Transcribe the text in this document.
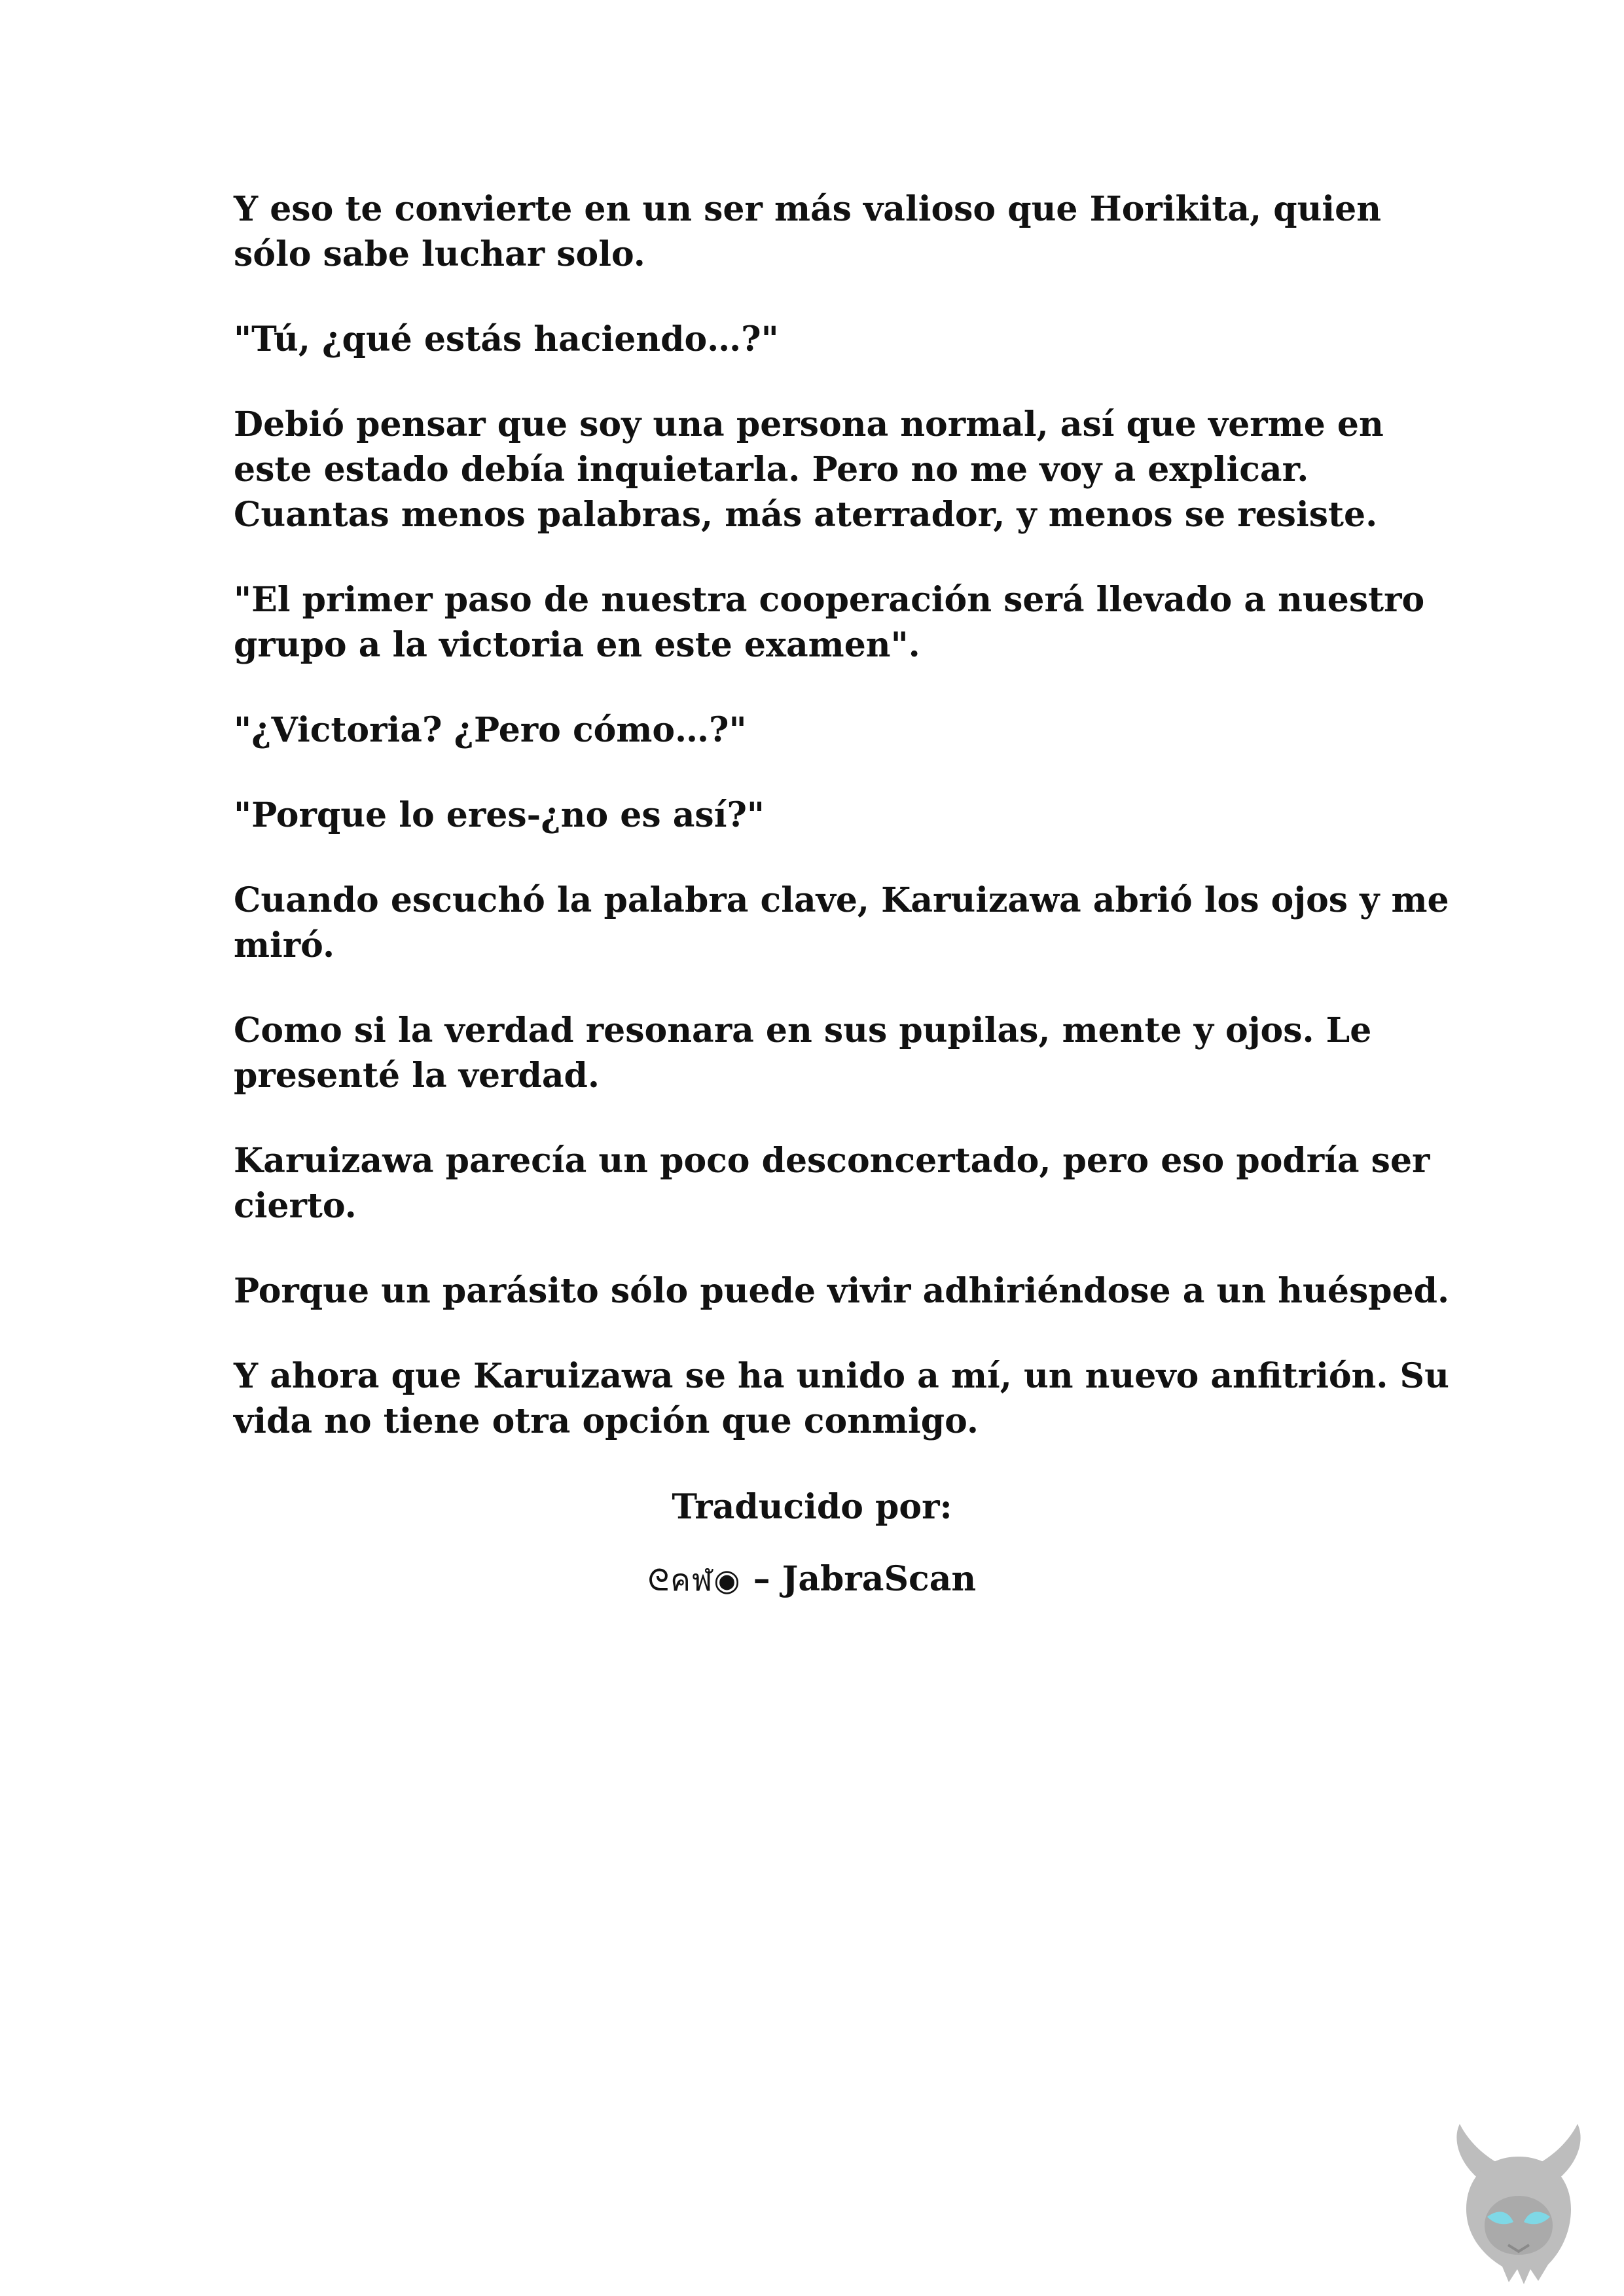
Y eso te convierte en un ser más valioso que Horikita, quien sólo sabe luchar solo.

"Tú, ¿qué estás haciendo…?"

Debió pensar que soy una persona normal, así que verme en este estado debía inquietarla. Pero no me voy a explicar. Cuantas menos palabras, más aterrador, y menos se resiste.

"El primer paso de nuestra cooperación será llevado a nuestro grupo a la victoria en este examen".

"¿Victoria? ¿Pero cómo…?"

"Porque lo eres-¿no es así?"

Cuando escuchó la palabra clave, Karuizawa abrió los ojos y me miró.

Como si la verdad resonara en sus pupilas, mente y ojos. Le presenté la verdad.

Karuizawa parecía un poco desconcertado, pero eso podría ser cierto.

Porque un parásito sólo puede vivir adhiriéndose a un huésped.

Y ahora que Karuizawa se ha unido a mí, un nuevo anfitrión. Su vida no tiene otra opción que conmigo.

Traducido por:
ᘓคฬ◉ – JabraScan
